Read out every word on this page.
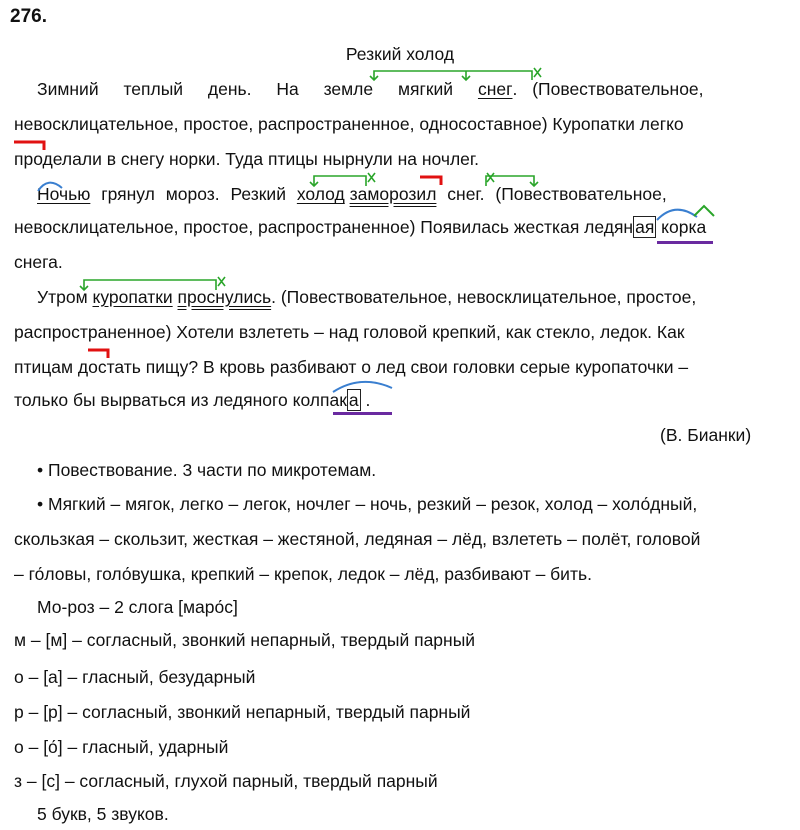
276.
Резкий холод
Зимний теплый день. На земле мягкий снег. (Повествовательное,
невосклицательное, простое, распространенное, односоставное) Куропатки легко
проделали в снегу норки. Туда птицы нырнули на ночлег.
Ночью грянул мороз. Резкий холод заморозил снег. (Повествовательное,
невосклицательное, простое, распространенное) Появилась жесткая ледян ая корка
снега.
Утром куропатки проснулись. (Повествовательное, невосклицательное, простое,
распространенное) Хотели взлететь – над головой крепкий, как стекло, ледок. Как
птицам достать пищу? В кровь разбивают о лед свои головки серые куропаточки –
только бы вырваться из ледяного колпак а .
(В. Бианки)
• Повествование. 3 части по микротемам.
• Мягкий – мягок, легко – легок, ночлег – ночь, резкий – резок, холод – холо́дный,
скользкая – скользит, жесткая – жестяной, ледяная – лёд, взлететь – полёт, головой
– го́ловы, голо́вушка, крепкий – крепок, ледок – лёд, разбивают – бить.
Мо-роз – 2 слога [маро́с]
м – [м] – согласный, звонкий непарный, твердый парный
о – [а] – гласный, безударный
р – [р] – согласный, звонкий непарный, твердый парный
о – [о́] – гласный, ударный
з – [с] – согласный, глухой парный, твердый парный
5 букв, 5 звуков.
